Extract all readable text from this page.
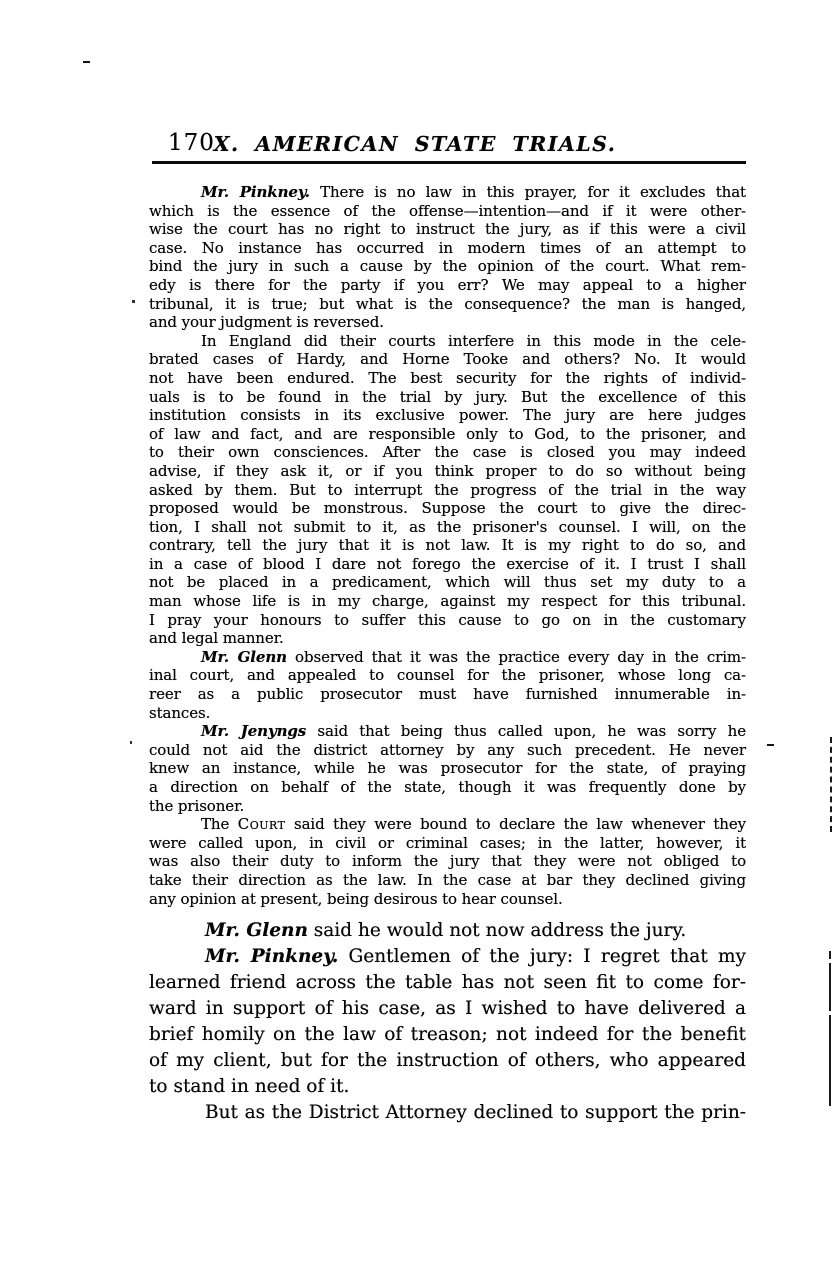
170
X. AMERICAN STATE TRIALS.
Mr. Pinkney. There is no law in this prayer, for it excludes that
which is the essence of the offense—intention—and if it were other-
wise the court has no right to instruct the jury, as if this were a civil
case. No instance has occurred in modern times of an attempt to
bind the jury in such a cause by the opinion of the court. What rem-
edy is there for the party if you err? We may appeal to a higher
tribunal, it is true; but what is the consequence? the man is hanged,
and your judgment is reversed.
In England did their courts interfere in this mode in the cele-
brated cases of Hardy, and Horne Tooke and others? No. It would
not have been endured. The best security for the rights of individ-
uals is to be found in the trial by jury. But the excellence of this
institution consists in its exclusive power. The jury are here judges
of law and fact, and are responsible only to God, to the prisoner, and
to their own consciences. After the case is closed you may indeed
advise, if they ask it, or if you think proper to do so without being
asked by them. But to interrupt the progress of the trial in the way
proposed would be monstrous. Suppose the court to give the direc-
tion, I shall not submit to it, as the prisoner's counsel. I will, on the
contrary, tell the jury that it is not law. It is my right to do so, and
in a case of blood I dare not forego the exercise of it. I trust I shall
not be placed in a predicament, which will thus set my duty to a
man whose life is in my charge, against my respect for this tribunal.
I pray your honours to suffer this cause to go on in the customary
and legal manner.
Mr. Glenn observed that it was the practice every day in the crim-
inal court, and appealed to counsel for the prisoner, whose long ca-
reer as a public prosecutor must have furnished innumerable in-
stances.
Mr. Jenyngs said that being thus called upon, he was sorry he
could not aid the district attorney by any such precedent. He never
knew an instance, while he was prosecutor for the state, of praying
a direction on behalf of the state, though it was frequently done by
the prisoner.
The Court said they were bound to declare the law whenever they
were called upon, in civil or criminal cases; in the latter, however, it
was also their duty to inform the jury that they were not obliged to
take their direction as the law. In the case at bar they declined giving
any opinion at present, being desirous to hear counsel.
Mr. Glenn said he would not now address the jury.
Mr. Pinkney. Gentlemen of the jury: I regret that my
learned friend across the table has not seen fit to come for-
ward in support of his case, as I wished to have delivered a
brief homily on the law of treason; not indeed for the benefit
of my client, but for the instruction of others, who appeared
to stand in need of it.
But as the District Attorney declined to support the prin-
